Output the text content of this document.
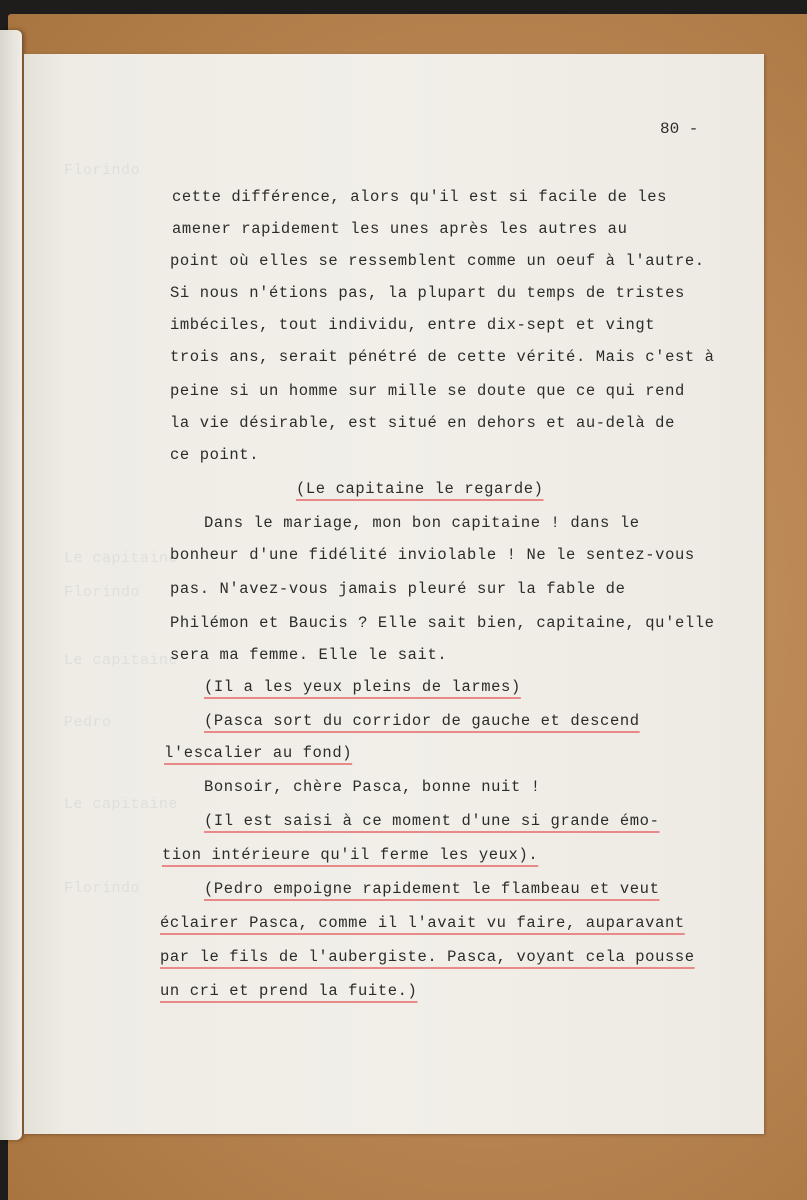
Florindo
Le capitaine
Florindo
Le capitaine
Pedro
Le capitaine
Florindo
80 -
cette différence, alors qu'il est si facile de les
amener rapidement les unes après les autres au
point où elles se ressemblent comme un oeuf à l'autre.
Si nous n'étions pas, la plupart du temps de tristes
imbéciles, tout individu, entre dix-sept et vingt
trois ans, serait pénétré de cette vérité. Mais c'est à
peine si un homme sur mille se doute que ce qui rend
la vie désirable, est situé en dehors et au-delà de
ce point.
(Le capitaine le regarde)
Dans le mariage, mon bon capitaine ! dans le
bonheur d'une fidélité inviolable ! Ne le sentez-vous
pas. N'avez-vous jamais pleuré sur la fable de
Philémon et Baucis ? Elle sait bien, capitaine, qu'elle
sera ma femme. Elle le sait.
(Il a les yeux pleins de larmes)
(Pasca sort du corridor de gauche et descend
l'escalier au fond)
Bonsoir, chère Pasca, bonne nuit !
(Il est saisi à ce moment d'une si grande émo-
tion intérieure qu'il ferme les yeux).
(Pedro empoigne rapidement le flambeau et veut
éclairer Pasca, comme il l'avait vu faire, auparavant
par le fils de l'aubergiste. Pasca, voyant cela pousse
un cri et prend la fuite.)
